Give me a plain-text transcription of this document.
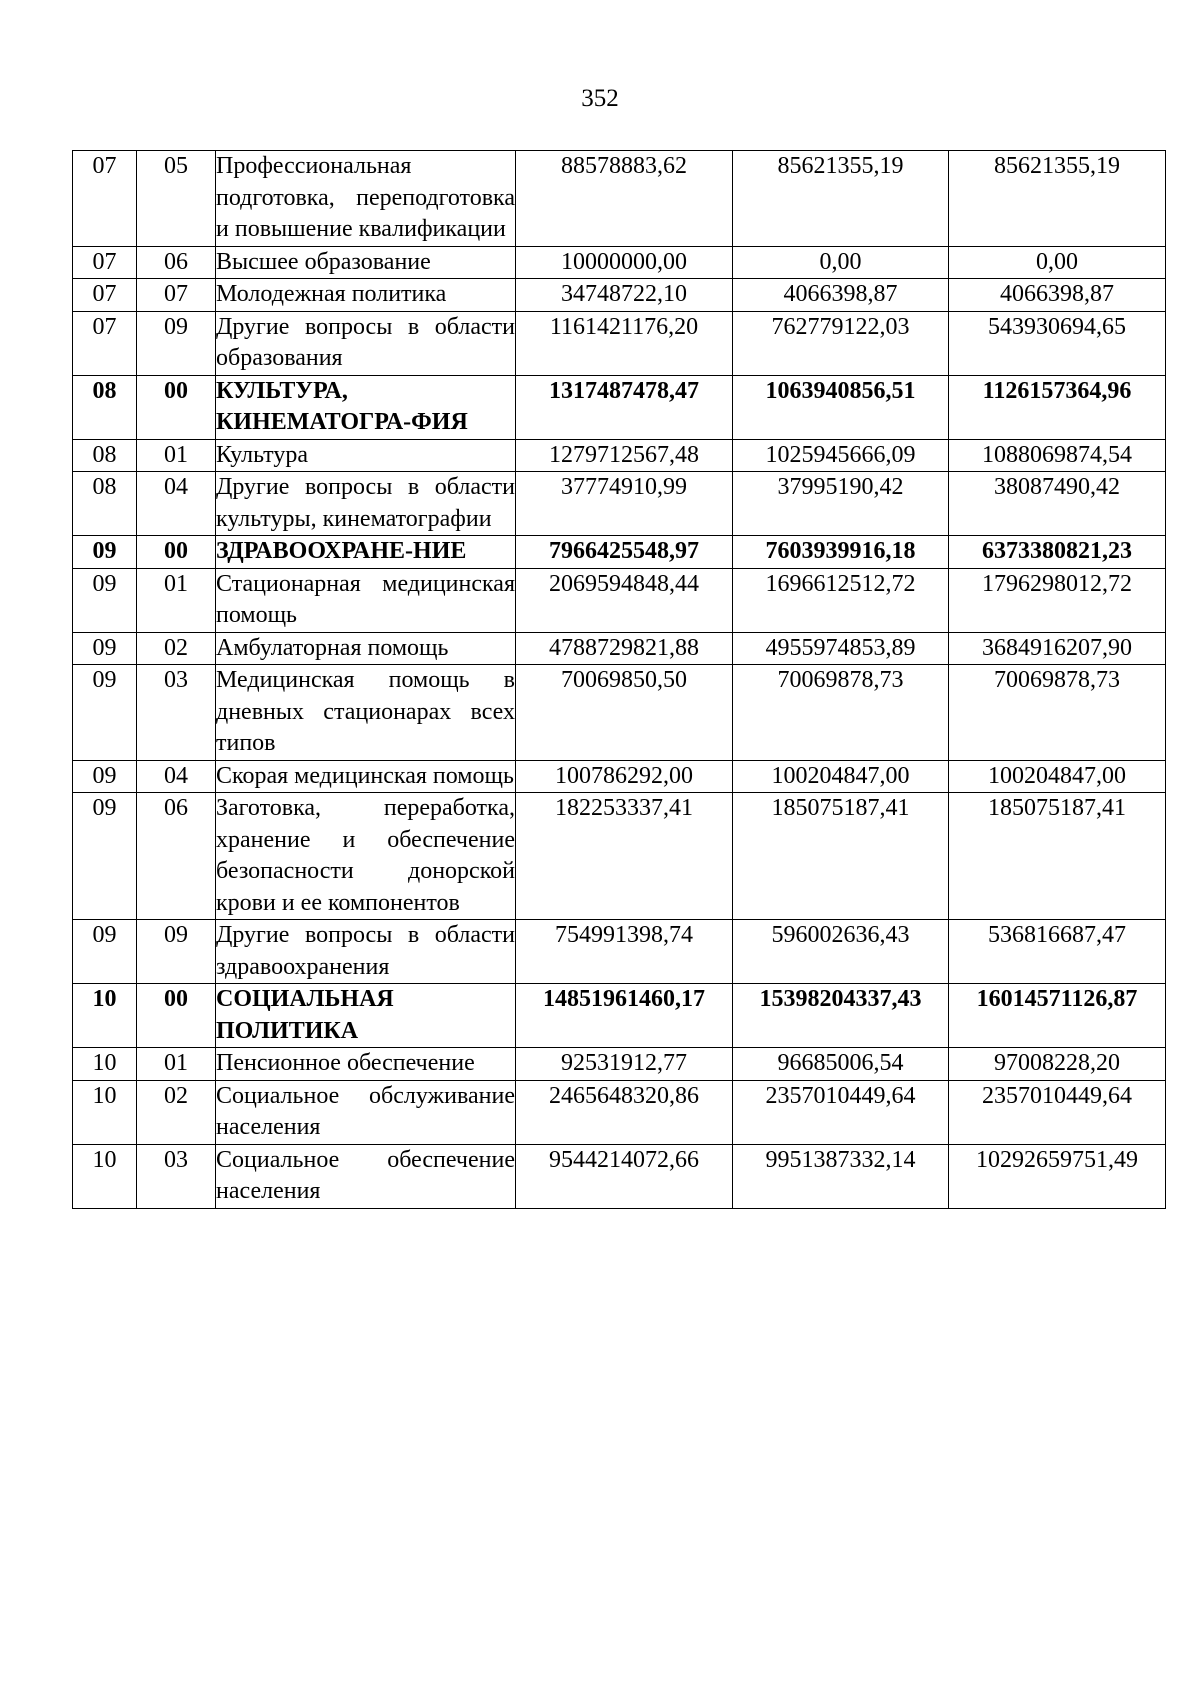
352
07	05	Профессиональная подготовка, переподготовка и повышение квалификации	88578883,62	85621355,19	85621355,19
07	06	Высшее образование	10000000,00	0,00	0,00
07	07	Молодежная политика	34748722,10	4066398,87	4066398,87
07	09	Другие вопросы в области образования	1161421176,20	762779122,03	543930694,65
08	00	КУЛЬТУРА, КИНЕМАТОГРА-ФИЯ	1317487478,47	1063940856,51	1126157364,96
08	01	Культура	1279712567,48	1025945666,09	1088069874,54
08	04	Другие вопросы в области культуры, кинематографии	37774910,99	37995190,42	38087490,42
09	00	ЗДРАВООХРАНЕ-НИЕ	7966425548,97	7603939916,18	6373380821,23
09	01	Стационарная медицинская помощь	2069594848,44	1696612512,72	1796298012,72
09	02	Амбулаторная помощь	4788729821,88	4955974853,89	3684916207,90
09	03	Медицинская помощь в дневных стационарах всех типов	70069850,50	70069878,73	70069878,73
09	04	Скорая медицинская помощь	100786292,00	100204847,00	100204847,00
09	06	Заготовка, переработка, хранение и обеспечение безопасности донорской крови и ее компонентов	182253337,41	185075187,41	185075187,41
09	09	Другие вопросы в области здравоохранения	754991398,74	596002636,43	536816687,47
10	00	СОЦИАЛЬНАЯ ПОЛИТИКА	14851961460,17	15398204337,43	16014571126,87
10	01	Пенсионное обеспечение	92531912,77	96685006,54	97008228,20
10	02	Социальное обслуживание населения	2465648320,86	2357010449,64	2357010449,64
10	03	Социальное обеспечение населения	9544214072,66	9951387332,14	10292659751,49
